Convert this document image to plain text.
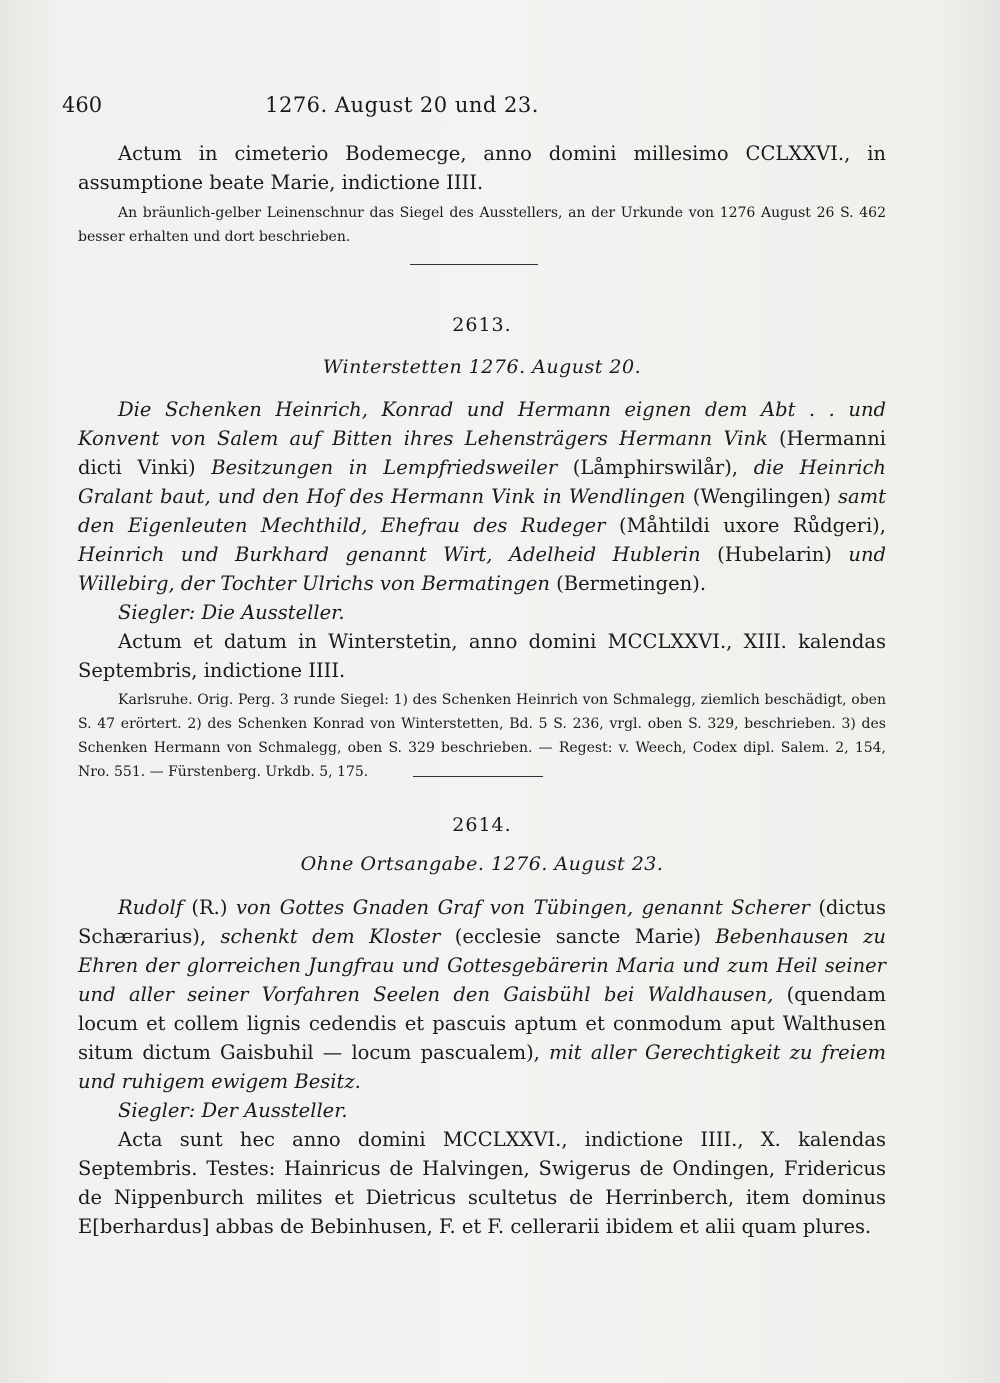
460	1276. August 20 und 23.

Actum in cimeterio Bodemecge, anno domini millesimo CCLXXVI., in assumptione beate Marie, indictione IIII.

An bräunlich-gelber Leinenschnur das Siegel des Ausstellers, an der Urkunde von 1276 August 26 S. 462 besser erhalten und dort beschrieben.

2613.
Winterstetten 1276. August 20.

Die Schenken Heinrich, Konrad und Hermann eignen dem Abt . . und Konvent von Salem auf Bitten ihres Lehensträgers Hermann Vink (Hermanni dicti Vinki) Besitzungen in Lempfriedsweiler (Låmphirswilår), die Heinrich Gralant baut, und den Hof des Hermann Vink in Wendlingen (Wengilingen) samt den Eigenleuten Mechthild, Ehefrau des Rudeger (Måhtildi uxore Růdgeri), Heinrich und Burkhard genannt Wirt, Adelheid Hublerin (Hubelarin) und Willebirg, der Tochter Ulrichs von Bermatingen (Bermetingen).

Siegler: Die Aussteller.

Actum et datum in Winterstetin, anno domini MCCLXXVI., XIII. kalendas Septembris, indictione IIII.

Karlsruhe. Orig. Perg. 3 runde Siegel: 1) des Schenken Heinrich von Schmalegg, ziemlich beschädigt, oben S. 47 erörtert. 2) des Schenken Konrad von Winterstetten, Bd. 5 S. 236, vrgl. oben S. 329, beschrieben. 3) des Schenken Hermann von Schmalegg, oben S. 329 beschrieben. — Regest: v. Weech, Codex dipl. Salem. 2, 154, Nro. 551. — Fürstenberg. Urkdb. 5, 175.

2614.
Ohne Ortsangabe. 1276. August 23.

Rudolf (R.) von Gottes Gnaden Graf von Tübingen, genannt Scherer (dictus Schærarius), schenkt dem Kloster (ecclesie sancte Marie) Bebenhausen zu Ehren der glorreichen Jungfrau und Gottesgebärerin Maria und zum Heil seiner und aller seiner Vorfahren Seelen den Gaisbühl bei Waldhausen, (quendam locum et collem lignis cedendis et pascuis aptum et conmodum aput Walthusen situm dictum Gaisbuhil — locum pascualem), mit aller Gerechtigkeit zu freiem und ruhigem ewigem Besitz.

Siegler: Der Aussteller.

Acta sunt hec anno domini MCCLXXVI., indictione IIII., X. kalendas Septembris. Testes: Hainricus de Halvingen, Swigerus de Ondingen, Fridericus de Nippenburch milites et Dietricus scultetus de Herrinberch, item dominus E[berhardus] abbas de Bebinhusen, F. et F. cellerarii ibidem et alii quam plures.
